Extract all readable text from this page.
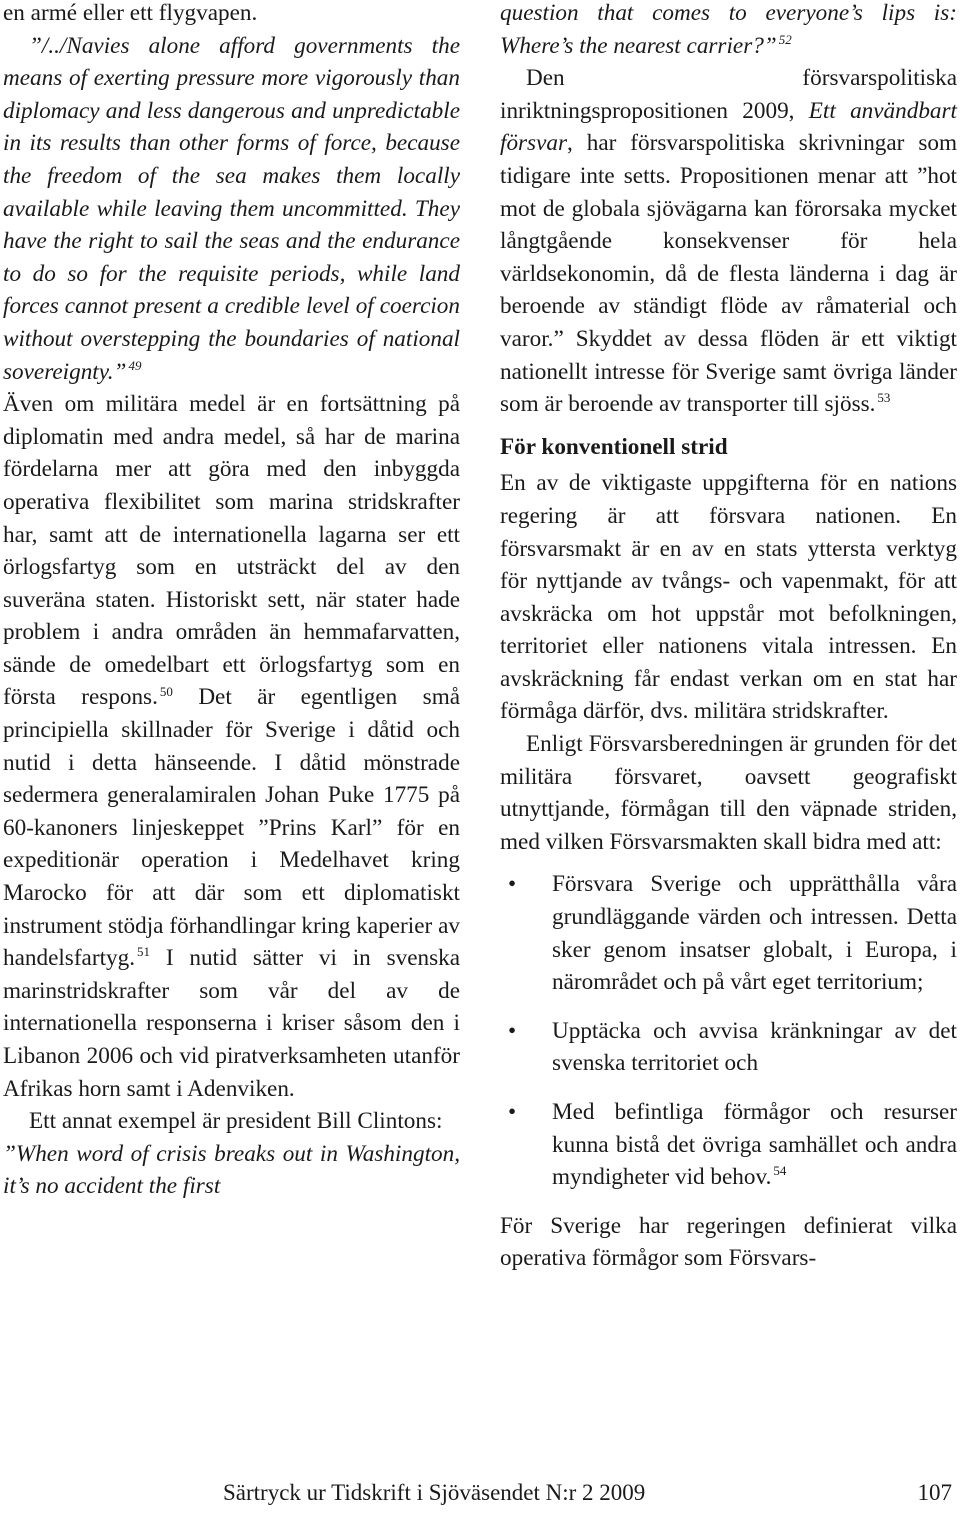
en armé eller ett flygvapen.

”/../Navies alone afford governments the means of exerting pressure more vigorously than diplomacy and less dangerous and unpredictable in its results than other forms of force, because the freedom of the sea makes them locally available while leaving them uncommitted. They have the right to sail the seas and the endurance to do so for the requisite periods, while land forces cannot present a credible level of coercion without overstepping the boundaries of national sovereignty.” $^{49}$

Även om militära medel är en fortsättning på diplomatin med andra medel, så har de marina fördelarna mer att göra med den inbyggda operativa flexibilitet som marina stridskrafter har, samt att de internationella lagarna ser ett örlogsfartyg som en utsträckt del av den suveräna staten. Historiskt sett, när stater hade problem i andra områden än hemmafarvatten, sände de omedelbart ett örlogsfartyg som en första respons. $^{50}$ Det är egentligen små principiella skillnader för Sverige i dåtid och nutid i detta hänseende. I dåtid mönstrade sedermera generalamiralen Johan Puke 1775 på 60-kanoners linjeskeppet ”Prins Karl” för en expeditionär operation i Medelhavet kring Marocko för att där som ett diplomatiskt instrument stödja förhandlingar kring kaperier av handelsfartyg. $^{51}$ I nutid sätter vi in svenska marinstridskrafter som vår del av de internationella responserna i kriser såsom den i Libanon 2006 och vid piratverksamheten utanför Afrikas horn samt i Adenviken.

Ett annat exempel är president Bill Clintons:

”When word of crisis breaks out in Washington, it’s no accident the first

question that comes to everyone’s lips is: Where’s the nearest carrier?” $^{52}$

Den försvarspolitiska inriktningspropositionen 2009, Ett användbart försvar, har försvarspolitiska skrivningar som tidigare inte setts. Propositionen menar att ”hot mot de globala sjövägarna kan förorsaka mycket långtgående konsekvenser för hela världsekonomin, då de flesta länderna i dag är beroende av ständigt flöde av råmaterial och varor.” Skyddet av dessa flöden är ett viktigt nationellt intresse för Sverige samt övriga länder som är beroende av transporter till sjöss. $^{53}$

För konventionell strid

En av de viktigaste uppgifterna för en nations regering är att försvara nationen. En försvarsmakt är en av en stats yttersta verktyg för nyttjande av tvångs- och vapenmakt, för att avskräcka om hot uppstår mot befolkningen, territoriet eller nationens vitala intressen. En avskräckning får endast verkan om en stat har förmåga därför, dvs. militära stridskrafter.

Enligt Försvarsberedningen är grunden för det militära försvaret, oavsett geografiskt utnyttjande, förmågan till den väpnade striden, med vilken Försvarsmakten skall bidra med att:

• Försvara Sverige och upprätthålla våra grundläggande värden och intressen. Detta sker genom insatser globalt, i Europa, i närområdet och på vårt eget territorium;
• Upptäcka och avvisa kränkningar av det svenska territoriet och
• Med befintliga förmågor och resurser kunna bistå det övriga samhället och andra myndigheter vid behov. $^{54}$

För Sverige har regeringen definierat vilka operativa förmågor som Försvars-

Särtryck ur Tidskrift i Sjöväsendet N:r 2 2009	107
